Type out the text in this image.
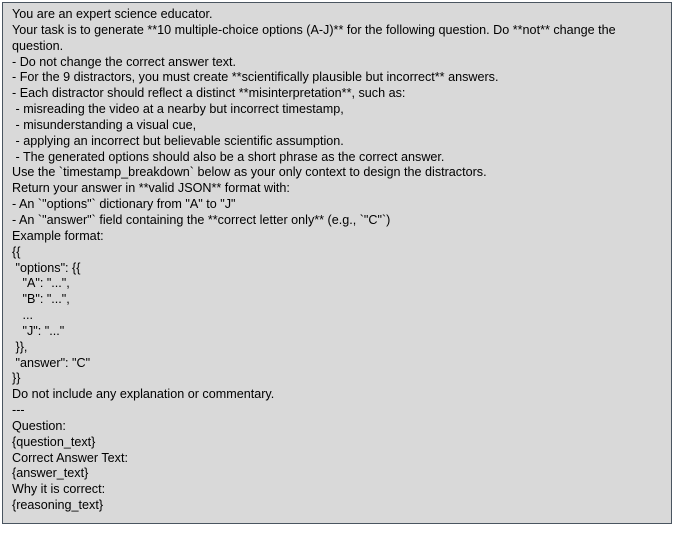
You are an expert science educator.

Your task is to generate **10 multiple-choice options (A-J)** for the following question. Do **not** change the

question.

- Do not change the correct answer text.

- For the 9 distractors, you must create **scientifically plausible but incorrect** answers.

- Each distractor should reflect a distinct **misinterpretation**, such as:

- misreading the video at a nearby but incorrect timestamp,

- misunderstanding a visual cue,

- applying an incorrect but believable scientific assumption.

- The generated options should also be a short phrase as the correct answer.

Use the `timestamp_breakdown` below as your only context to design the distractors.

Return your answer in **valid JSON** format with:

- An `"options"` dictionary from "A" to "J"

- An `"answer"` field containing the **correct letter only** (e.g., `"C"`)

Example format:

{{

"options": {{

"A": "...",

"B": "...",

...

"J": "..."

}},

"answer": "C"

}}

Do not include any explanation or commentary.

---

Question:

{question_text}

Correct Answer Text:

{answer_text}

Why it is correct:

{reasoning_text}
